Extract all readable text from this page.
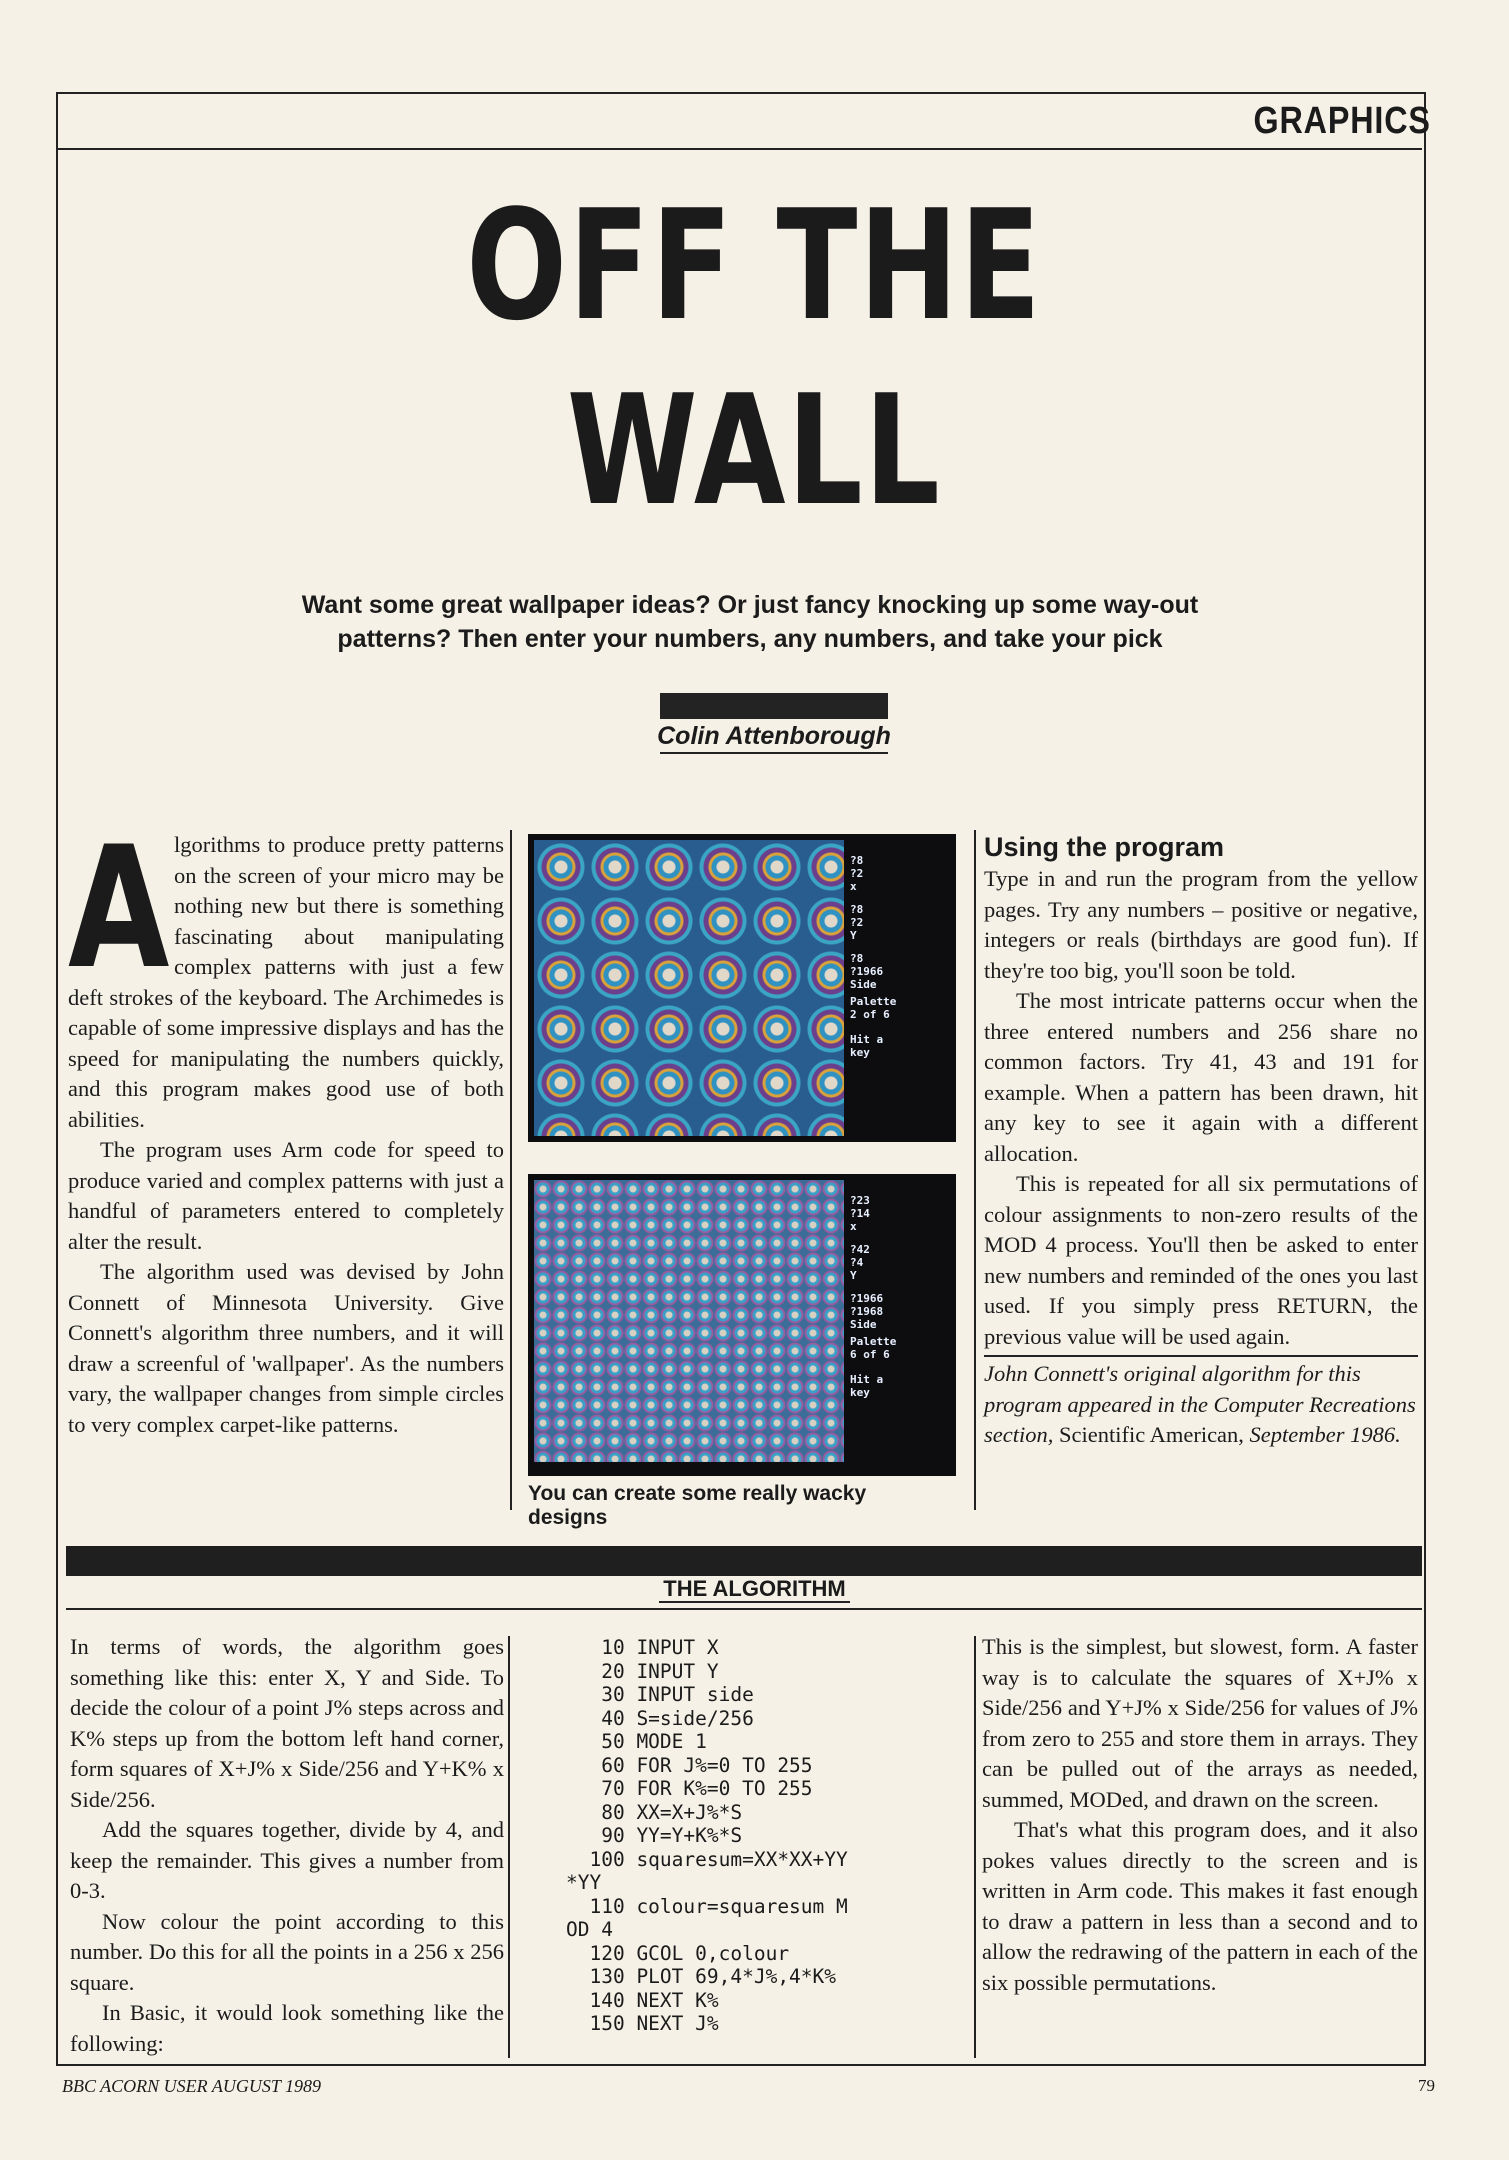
GRAPHICS
OFF THE
WALL
Want some great wallpaper ideas? Or just fancy knocking up some way-out patterns? Then enter your numbers, any numbers, and take your pick
Colin Attenborough
A lgorithms to produce pretty patterns on the screen of your micro may be nothing new but there is something fascinating about manipulating complex patterns with just a few deft strokes of the keyboard. The Archimedes is capable of some impressive displays and has the speed for manipulating the numbers quickly, and this program makes good use of both abilities.

The program uses Arm code for speed to produce varied and complex patterns with just a handful of parameters entered to completely alter the result.

The algorithm used was devised by John Connett of Minnesota University. Give Connett's algorithm three numbers, and it will draw a screenful of 'wallpaper'. As the numbers vary, the wallpaper changes from simple circles to very complex carpet-like patterns.

?8
?2
x
?8
?2
Y
?8
?1966
Side
Palette
2 of 6
Hit a
key
?23
?14
x
?42
?4
Y
?1966
?1968
Side
Palette
6 of 6
Hit a
key
You can create some really wacky designs
Using the program

Type in and run the program from the yellow pages. Try any numbers – positive or negative, integers or reals (birthdays are good fun). If they're too big, you'll soon be told.

The most intricate patterns occur when the three entered numbers and 256 share no common factors. Try 41, 43 and 191 for example. When a pattern has been drawn, hit any key to see it again with a different allocation.

This is repeated for all six permutations of colour assignments to non-zero results of the MOD 4 process. You'll then be asked to enter new numbers and reminded of the ones you last used. If you simply press RETURN, the previous value will be used again.

John Connett's original algorithm for this program appeared in the Computer Recreations section, Scientific American, September 1986.

THE ALGORITHM

In terms of words, the algorithm goes something like this: enter X, Y and Side. To decide the colour of a point J% steps across and K% steps up from the bottom left hand corner, form squares of X+J% x Side/256 and Y+K% x Side/256.

Add the squares together, divide by 4, and keep the remainder. This gives a number from 0-3.

Now colour the point according to this number. Do this for all the points in a 256 x 256 square.

In Basic, it would look something like the following:

10 INPUT X
20 INPUT Y
30 INPUT side
40 S=side/256
50 MODE 1
60 FOR J%=0 TO 255
70 FOR K%=0 TO 255
80 XX=X+J%*S
90 YY=Y+K%*S
100 squaresum=XX*XX+YY
*YY
110 colour=squaresum M
OD 4
120 GCOL 0,colour
130 PLOT 69,4*J%,4*K%
140 NEXT K%
150 NEXT J%

This is the simplest, but slowest, form. A faster way is to calculate the squares of X+J% x Side/256 and Y+J% x Side/256 for values of J% from zero to 255 and store them in arrays. They can be pulled out of the arrays as needed, summed, MODed, and drawn on the screen.

That's what this program does, and it also pokes values directly to the screen and is written in Arm code. This makes it fast enough to draw a pattern in less than a second and to allow the redrawing of the pattern in each of the six possible permutations.

BBC ACORN USER AUGUST 1989	79
